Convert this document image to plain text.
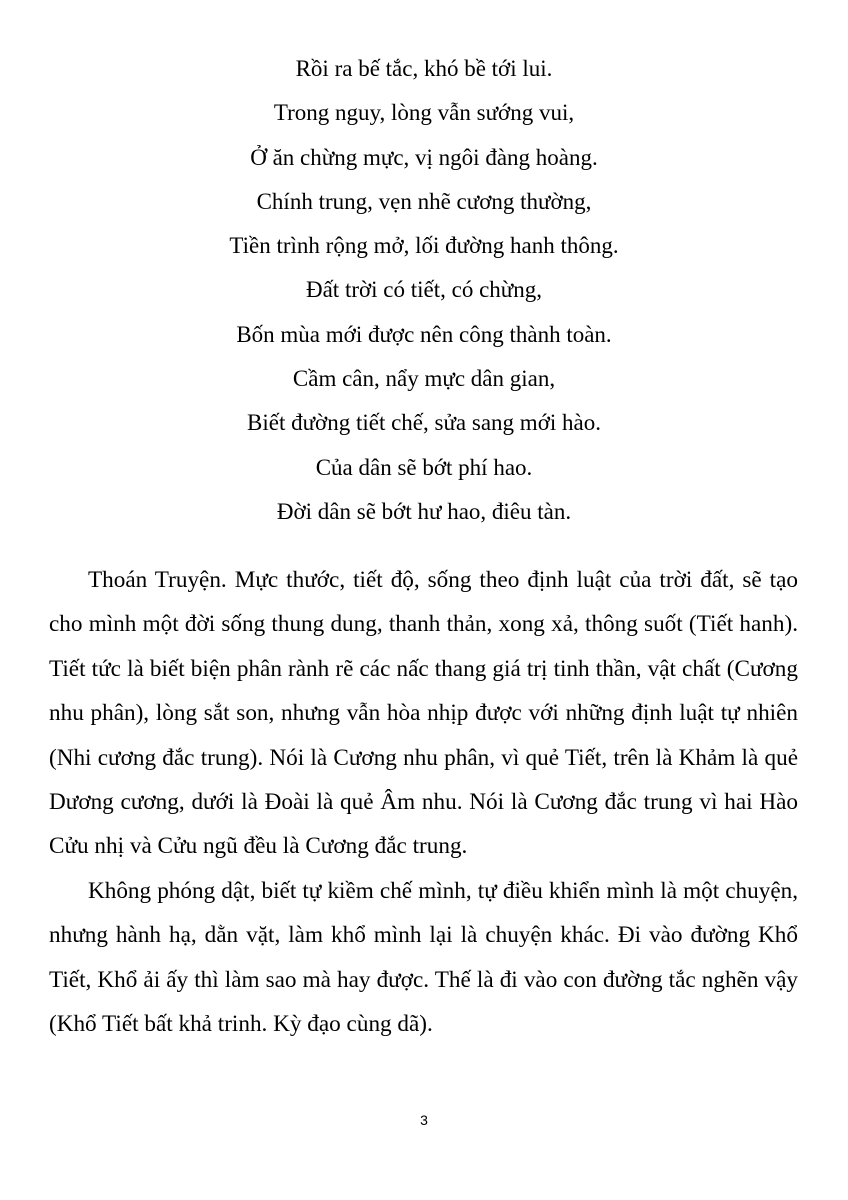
Rồi ra bế tắc, khó bề tới lui.
Trong nguy, lòng vẫn sướng vui,
Ở ăn chừng mực, vị ngôi đàng hoàng.
Chính trung, vẹn nhẽ cương thường,
Tiền trình rộng mở, lối đường hanh thông.
Đất trời có tiết, có chừng,
Bốn mùa mới được nên công thành toàn.
Cầm cân, nẩy mực dân gian,
Biết đường tiết chế, sửa sang mới hào.
Của dân sẽ bớt phí hao.
Đời dân sẽ bớt hư hao, điêu tàn.

Thoán Truyện. Mực thước, tiết độ, sống theo định luật của trời đất, sẽ tạo cho mình một đời sống thung dung, thanh thản, xong xả, thông suốt (Tiết hanh). Tiết tức là biết biện phân rành rẽ các nấc thang giá trị tinh thần, vật chất (Cương nhu phân), lòng sắt son, nhưng vẫn hòa nhịp được với những định luật tự nhiên (Nhi cương đắc trung). Nói là Cương nhu phân, vì quẻ Tiết, trên là Khảm là quẻ Dương cương, dưới là Đoài là quẻ Âm nhu. Nói là Cương đắc trung vì hai Hào Cửu nhị và Cửu ngũ đều là Cương đắc trung.

Không phóng dật, biết tự kiềm chế mình, tự điều khiển mình là một chuyện, nhưng hành hạ, dằn vặt, làm khổ mình lại là chuyện khác. Đi vào đường Khổ Tiết, Khổ ải ấy thì làm sao mà hay được. Thế là đi vào con đường tắc nghẽn vậy (Khổ Tiết bất khả trinh. Kỳ đạo cùng dã).

3
